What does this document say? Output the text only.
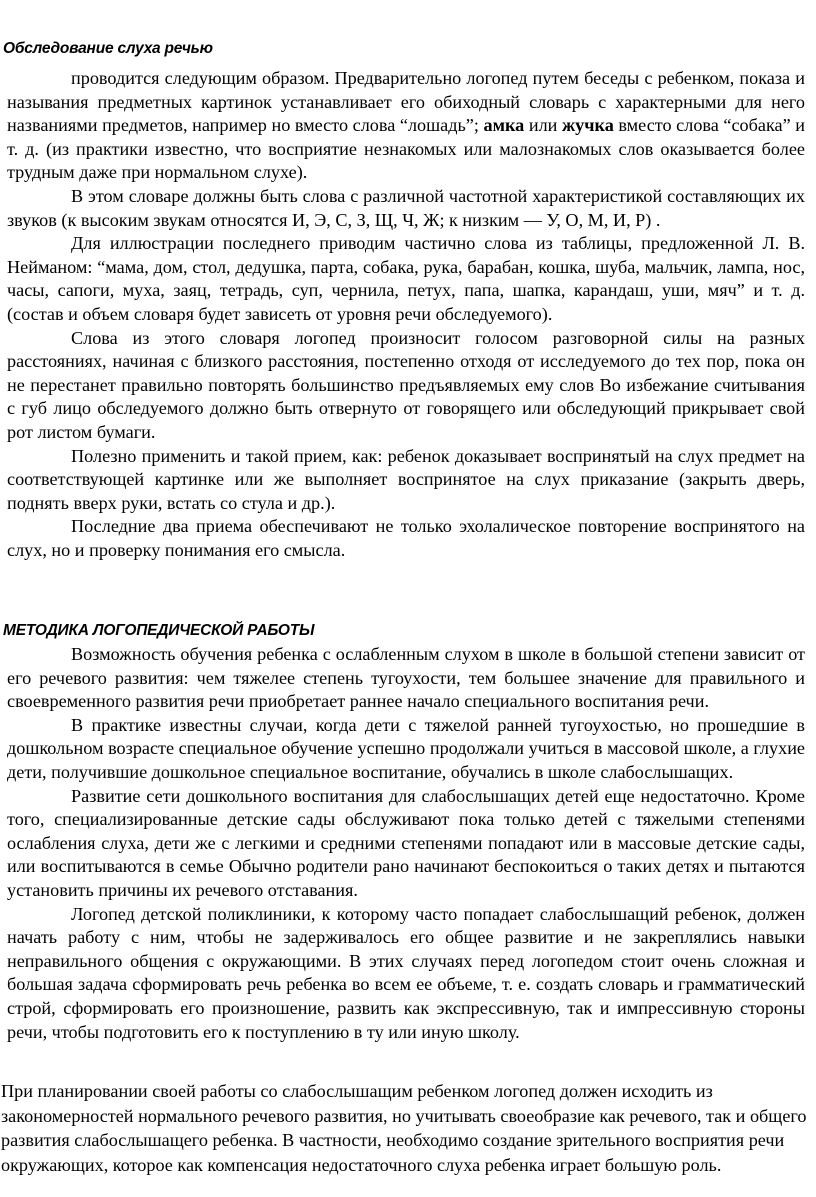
Обследование слуха речью

проводится следующим образом. Предварительно логопед путем беседы с ребенком, показа и называния предметных картинок устанавливает его обиходный словарь с характерными для него названиями предметов, например но вместо слова “лошадь”; амка или жучка вместо слова “собака” и т. д. (из практики известно, что восприятие незнакомых или малознакомых слов оказывается более трудным даже при нормальном слухе).

В этом словаре должны быть слова с различной частотной характеристикой составляющих их звуков (к высоким звукам относятся И, Э, С, З, Щ, Ч, Ж; к низким — У, О, М, И, Р) .

Для иллюстрации последнего приводим частично слова из таблицы, предложенной Л. В. Нейманом: “мама, дом, стол, дедушка, парта, собака, рука, барабан, кошка, шуба, мальчик, лампа, нос, часы, сапоги, муха, заяц, тетрадь, суп, чернила, петух, папа, шапка, карандаш, уши, мяч” и т. д. (состав и объем словаря будет зависеть от уровня речи обследуемого).

Слова из этого словаря логопед произносит голосом разговорной силы на разных расстояниях, начиная с близкого расстояния, постепенно отходя от исследуемого до тех пор, пока он не перестанет правильно повторять большинство предъявляемых ему слов Во избежание считывания с губ лицо обследуемого должно быть отвернуто от говорящего или обследующий прикрывает свой рот листом бумаги.

Полезно применить и такой прием, как: ребенок доказывает воспринятый на слух предмет на соответствующей картинке или же выполняет воспринятое на слух приказание (закрыть дверь, поднять вверх руки, встать со стула и др.).

Последние два приема обеспечивают не только эхолалическое повторение воспринятого на слух, но и проверку понимания его смысла.

МЕТОДИКА ЛОГОПЕДИЧЕСКОЙ РАБОТЫ

Возможность обучения ребенка с ослабленным слухом в школе в большой степени зависит от его речевого развития: чем тяжелее степень тугоухости, тем большее значение для правильного и своевременного развития речи приобретает раннее начало специального воспитания речи.

В практике известны случаи, когда дети с тяжелой ранней тугоухостью, но прошедшие в дошкольном возрасте специальное обучение успешно продолжали учиться в массовой школе, а глухие дети, получившие дошкольное специальное воспитание, обучались в школе слабослышащих.

Развитие сети дошкольного воспитания для слабослышащих детей еще недостаточно. Кроме того, специализированные детские сады обслуживают пока только детей с тяжелыми степенями ослабления слуха, дети же с легкими и средними степенями попадают или в массовые детские сады, или воспитываются в семье Обычно родители рано начинают беспокоиться о таких детях и пытаются установить причины их речевого отставания.

Логопед детской поликлиники, к которому часто попадает слабослышащий ребенок, должен начать работу с ним, чтобы не задерживалось его общее развитие и не закреплялись навыки неправильного общения с окружающими. В этих случаях перед логопедом стоит очень сложная и большая задача сформировать речь ребенка во всем ее объеме, т. е. создать словарь и грамматический строй, сформировать его произношение, развить как экспрессивную, так и импрессивную стороны речи, чтобы подготовить его к поступлению в ту или иную школу.

При планировании своей работы со слабослышащим ребенком логопед должен исходить из закономерностей нормального речевого развития, но учитывать своеобразие как речевого, так и общего развития слабослышащего ребенка. В частности, необходимо создание зрительного восприятия речи окружающих, которое как компенсация недостаточного слуха ребенка играет большую роль.
